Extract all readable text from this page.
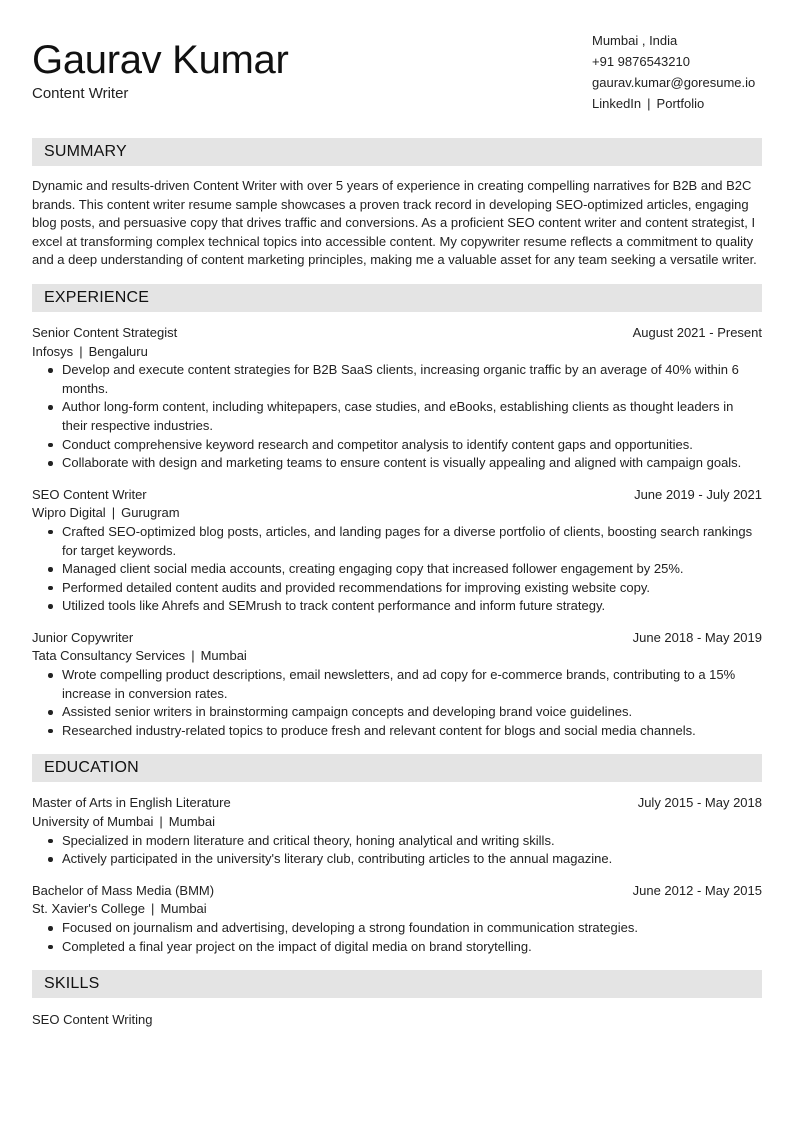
Gaurav Kumar
Content Writer
Mumbai , India
+91 9876543210
gaurav.kumar@goresume.io
LinkedIn | Portfolio
SUMMARY
Dynamic and results-driven Content Writer with over 5 years of experience in creating compelling narratives for B2B and B2C brands. This content writer resume sample showcases a proven track record in developing SEO-optimized articles, engaging blog posts, and persuasive copy that drives traffic and conversions. As a proficient SEO content writer and content strategist, I excel at transforming complex technical topics into accessible content. My copywriter resume reflects a commitment to quality and a deep understanding of content marketing principles, making me a valuable asset for any team seeking a versatile writer.
EXPERIENCE
Senior Content Strategist	August 2021 - Present
Infosys | Bengaluru
Develop and execute content strategies for B2B SaaS clients, increasing organic traffic by an average of 40% within 6 months.
Author long-form content, including whitepapers, case studies, and eBooks, establishing clients as thought leaders in their respective industries.
Conduct comprehensive keyword research and competitor analysis to identify content gaps and opportunities.
Collaborate with design and marketing teams to ensure content is visually appealing and aligned with campaign goals.
SEO Content Writer	June 2019 - July 2021
Wipro Digital | Gurugram
Crafted SEO-optimized blog posts, articles, and landing pages for a diverse portfolio of clients, boosting search rankings for target keywords.
Managed client social media accounts, creating engaging copy that increased follower engagement by 25%.
Performed detailed content audits and provided recommendations for improving existing website copy.
Utilized tools like Ahrefs and SEMrush to track content performance and inform future strategy.
Junior Copywriter	June 2018 - May 2019
Tata Consultancy Services | Mumbai
Wrote compelling product descriptions, email newsletters, and ad copy for e-commerce brands, contributing to a 15% increase in conversion rates.
Assisted senior writers in brainstorming campaign concepts and developing brand voice guidelines.
Researched industry-related topics to produce fresh and relevant content for blogs and social media channels.
EDUCATION
Master of Arts in English Literature	July 2015 - May 2018
University of Mumbai | Mumbai
Specialized in modern literature and critical theory, honing analytical and writing skills.
Actively participated in the university's literary club, contributing articles to the annual magazine.
Bachelor of Mass Media (BMM)	June 2012 - May 2015
St. Xavier's College | Mumbai
Focused on journalism and advertising, developing a strong foundation in communication strategies.
Completed a final year project on the impact of digital media on brand storytelling.
SKILLS
SEO Content Writing
